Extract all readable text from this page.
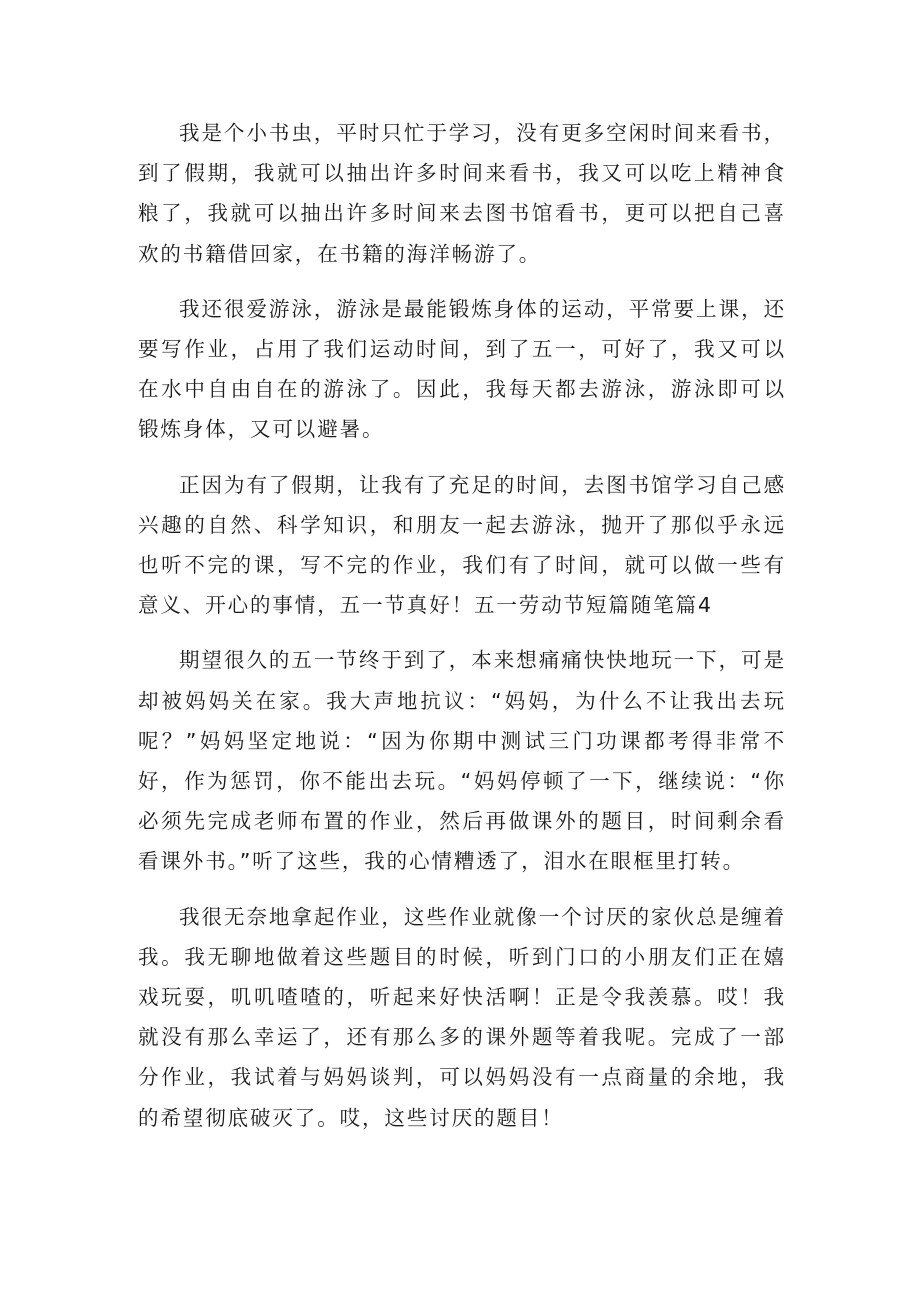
我是个小书虫，平时只忙于学习，没有更多空闲时间来看书，到了假期，我就可以抽出许多时间来看书，我又可以吃上精神食粮了，我就可以抽出许多时间来去图书馆看书，更可以把自己喜欢的书籍借回家，在书籍的海洋畅游了。

我还很爱游泳，游泳是最能锻炼身体的运动，平常要上课，还要写作业，占用了我们运动时间，到了五一，可好了，我又可以在水中自由自在的游泳了。因此，我每天都去游泳，游泳即可以锻炼身体，又可以避暑。

正因为有了假期，让我有了充足的时间，去图书馆学习自己感兴趣的自然、科学知识，和朋友一起去游泳，抛开了那似乎永远也听不完的课，写不完的作业，我们有了时间，就可以做一些有意义、开心的事情，五一节真好！五一劳动节短篇随笔篇4

期望很久的五一节终于到了，本来想痛痛快快地玩一下，可是却被妈妈关在家。我大声地抗议：“妈妈，为什么不让我出去玩呢？”妈妈坚定地说：“因为你期中测试三门功课都考得非常不好，作为惩罚，你不能出去玩。“妈妈停顿了一下，继续说：“你必须先完成老师布置的作业，然后再做课外的题目，时间剩余看看课外书。”听了这些，我的心情糟透了，泪水在眼框里打转。

我很无奈地拿起作业，这些作业就像一个讨厌的家伙总是缠着我。我无聊地做着这些题目的时候，听到门口的小朋友们正在嬉戏玩耍，叽叽喳喳的，听起来好快活啊！正是令我羡慕。哎！我就没有那么幸运了，还有那么多的课外题等着我呢。完成了一部分作业，我试着与妈妈谈判，可以妈妈没有一点商量的余地，我的希望彻底破灭了。哎，这些讨厌的题目！
